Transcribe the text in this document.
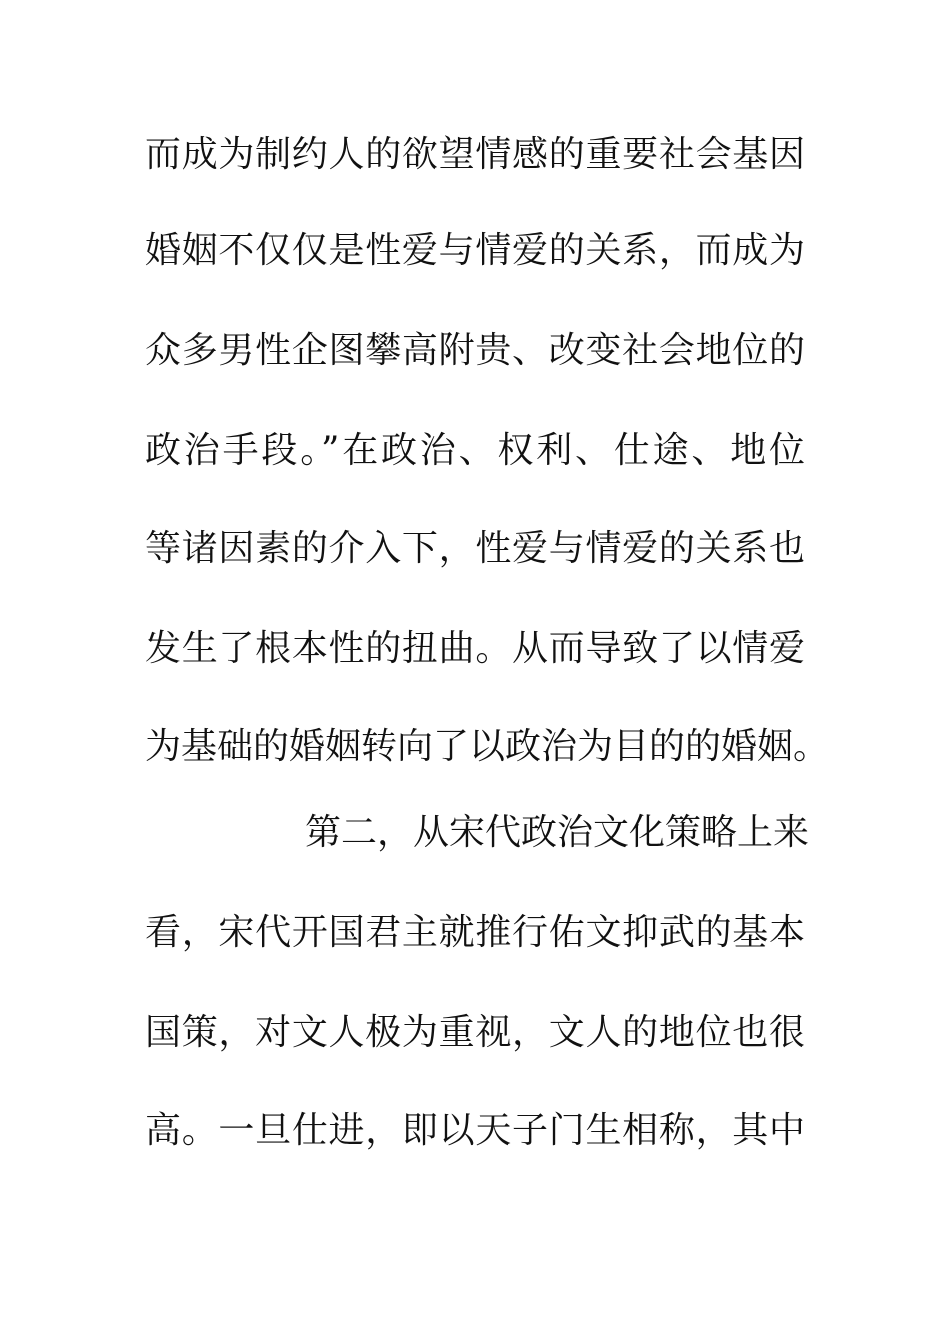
而成为制约人的欲望情感的重要社会基因
婚姻不仅仅是性爱与情爱的关系，而成为
众多男性企图攀高附贵、改变社会地位的
政治手段。”在政治、权利、仕途、地位
等诸因素的介入下，性爱与情爱的关系也
发生了根本性的扭曲。从而导致了以情爱
为基础的婚姻转向了以政治为目的的婚姻。
第二，从宋代政治文化策略上来
看，宋代开国君主就推行佑文抑武的基本
国策，对文人极为重视，文人的地位也很
高。一旦仕进，即以天子门生相称，其中
